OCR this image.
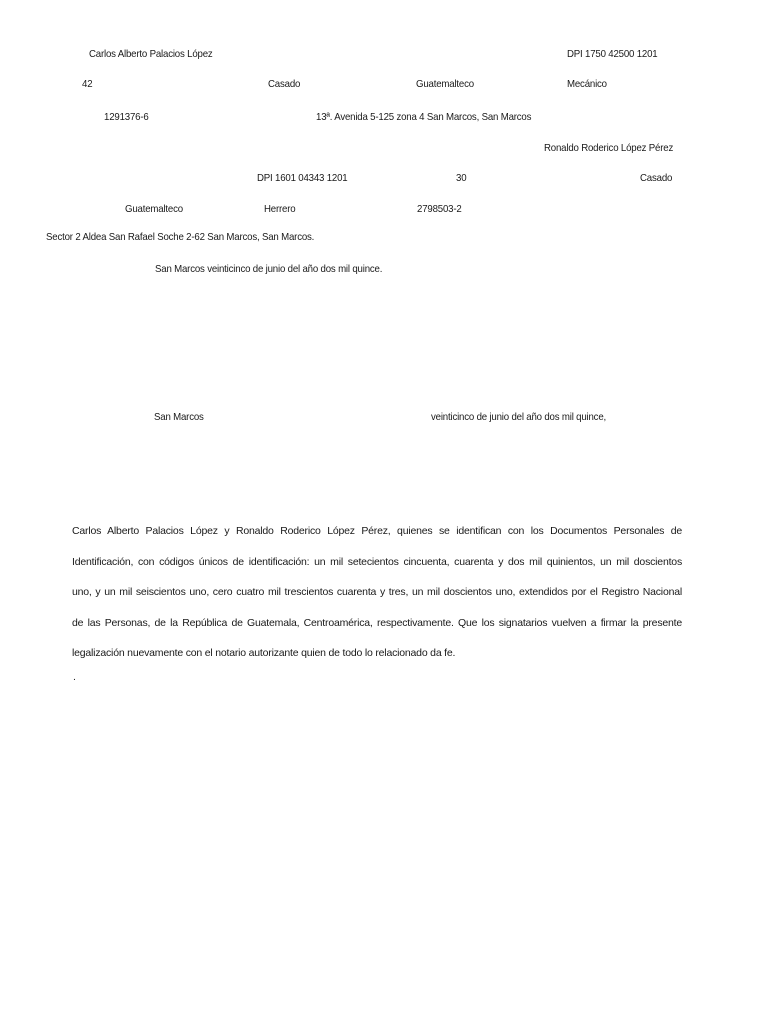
Carlos Alberto Palacios López	DPI 1750 42500 1201
42	Casado	Guatemalteco	Mecánico
1291376-6	13ª. Avenida 5-125 zona 4 San Marcos, San Marcos
Ronaldo Roderico López Pérez
DPI 1601 04343 1201	30	Casado
Guatemalteco	Herrero	2798503-2
Sector 2 Aldea San Rafael Soche 2-62 San Marcos, San Marcos.
San Marcos veinticinco de junio del año dos mil quince.
San Marcos	veinticinco de junio del año dos mil quince,
Carlos Alberto Palacios López y Ronaldo Roderico López Pérez, quienes se identifican con los Documentos Personales de
Identificación, con códigos únicos de identificación: un mil setecientos cincuenta, cuarenta y dos mil quinientos, un mil doscientos
uno, y un mil seiscientos uno, cero cuatro mil trescientos cuarenta y tres, un mil doscientos uno, extendidos por el Registro Nacional
de las Personas, de la República de Guatemala, Centroamérica, respectivamente. Que los signatarios vuelven a firmar la presente
legalización nuevamente con el notario autorizante quien de todo lo relacionado da fe.
.
